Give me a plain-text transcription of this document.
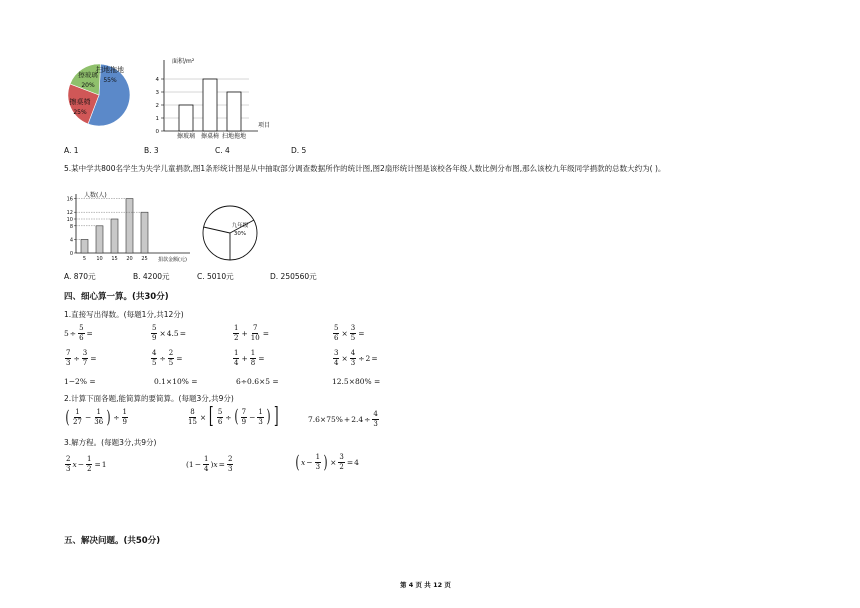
扫地拖地
55%
擦桌椅
25%
擦玻璃
20%
面积/m²
4
3
2
1
0
项目
擦玻璃 擦桌椅 扫地拖地
A. 1	B. 3	C. 4	D. 5
5.某中学共800名学生为失学儿童捐款,图1条形统计图是从中抽取部分调查数据所作的统计图,图2扇形统计图是该校各年级人数比例分布图,那么该校九年级同学捐款的总数大约为( )。
人数(人)
16
12
10
8
4
0
5 10 15 20 25 捐款金额(元)
九年级
30%
A. 870元	B. 4200元	C. 5010元	D. 250560元
四、细心算一算。(共30分)
1.直接写出得数。(每题1分,共12分)
$5 \div \frac{5}{6}$ =	$\frac{5}{9} \times 4.5$ =	$\frac{1}{2} + \frac{7}{10}$ =	$\frac{5}{6} \times \frac{3}{5}$ =
$\frac{7}{3} \div \frac{3}{7}$ =	$\frac{4}{5} \div \frac{2}{5}$ =	$\frac{1}{4} + \frac{1}{8}$ =	$\frac{3}{4} \times \frac{4}{3} \div 2$ =
1−2% =	0.1×10% =	6÷0.6×5 =	12.5×80% =
2.计算下面各题,能简算的要简算。(每题3分,共9分)
( $\frac{1}{27} - \frac{1}{36}$ ) ÷ $\frac{1}{9}$	$\frac{8}{15}$ × [ $\frac{5}{6}$ ÷ ( $\frac{7}{9} - \frac{1}{3}$ ) ]	$7.6\times 75\% + 2.4 \div \frac{4}{3}$
3.解方程。(每题3分,共9分)
$\frac{2}{3}$ $x - \frac{1}{2} = 1$	($1 - \frac{1}{4}$ ) $x = \frac{2}{3}$	( $x - \frac{1}{3}$ ) × $\frac{3}{2} = 4$
五、解决问题。(共50分)
第 4 页 共 12 页
